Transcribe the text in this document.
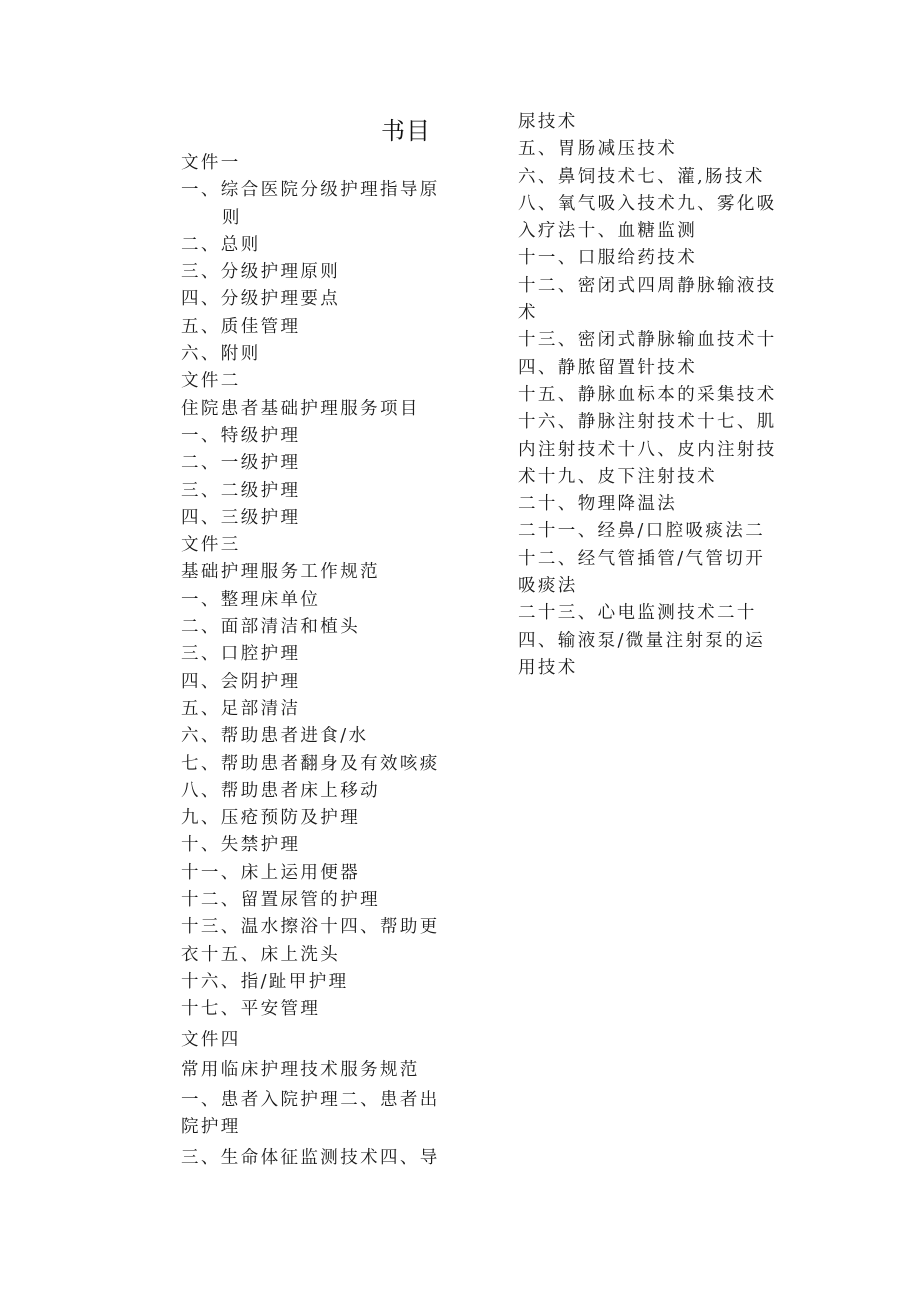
书目
文件一
一、综合医院分级护理指导原
则
二、总则
三、分级护理原则
四、分级护理要点
五、质佳管理
六、附则
文件二
住院患者基础护理服务项目
一、特级护理
二、一级护理
三、二级护理
四、三级护理
文件三
基础护理服务工作规范
一、整理床单位
二、面部清洁和植头
三、口腔护理
四、会阴护理
五、足部清洁
六、帮助患者进食/水
七、帮助患者翻身及有效咳痰
八、帮助患者床上移动
九、压疮预防及护理
十、失禁护理
十一、床上运用便器
十二、留置尿管的护理
十三、温水擦浴十四、帮助更衣十五、床上洗头
十六、指/趾甲护理
十七、平安管理
文件四
常用临床护理技术服务规范
一、患者入院护理二、患者出院护理
三、生命体征监测技术四、导
尿技术
五、胃肠减压技术
六、鼻饲技术七、灌,肠技术八、氧气吸入技术九、雾化吸入疗法十、血糖监测
十一、口服给药技术
十二、密闭式四周静脉输液技术
十三、密闭式静脉输血技术十四、静脓留置针技术
十五、静脉血标本的采集技术
十六、静脉注射技术十七、肌内注射技术十八、皮内注射技术十九、皮下注射技术
二十、物理降温法
二十一、经鼻/口腔吸痰法二十二、经气管插管/气管切开吸痰法
二十三、心电监测技术二十四、输液泵/微量注射泵的运用技术
